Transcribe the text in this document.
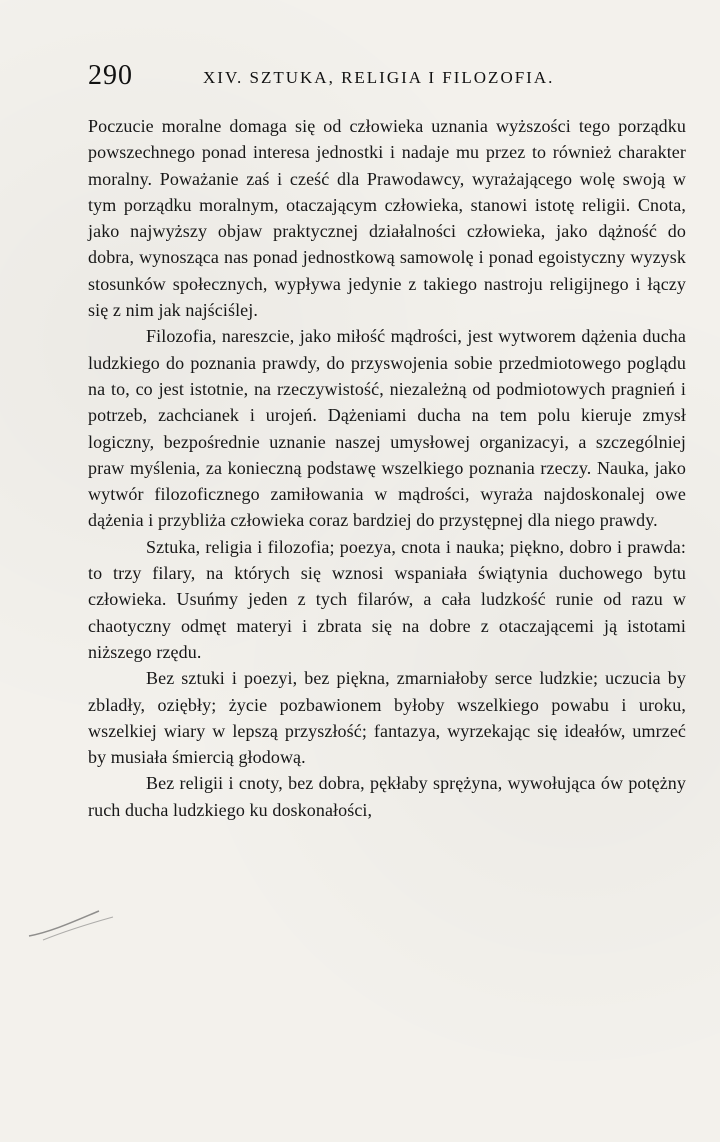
290	XIV. SZTUKA, RELIGIA I FILOZOFIA.

Poczucie moralne domaga się od człowieka uznania wyższości tego porządku powszechnego ponad interesa jednostki i nadaje mu przez to również charakter moralny. Poważanie zaś i cześć dla Prawodawcy, wyrażającego wolę swoją w tym porządku moralnym, otaczającym człowieka, stanowi istotę religii. Cnota, jako najwyższy objaw praktycznej działalności człowieka, jako dążność do dobra, wynosząca nas ponad jednostkową samowolę i ponad egoistyczny wyzysk stosunków społecznych, wypływa jedynie z takiego nastroju religijnego i łączy się z nim jak najściślej.

Filozofia, nareszcie, jako miłość mądrości, jest wytworem dążenia ducha ludzkiego do poznania prawdy, do przyswojenia sobie przedmiotowego poglądu na to, co jest istotnie, na rzeczywistość, niezależną od podmiotowych pragnień i potrzeb, zachcianek i urojeń. Dążeniami ducha na tem polu kieruje zmysł logiczny, bezpośrednie uznanie naszej umysłowej organizacyi, a szczególniej praw myślenia, za konieczną podstawę wszelkiego poznania rzeczy. Nauka, jako wytwór filozoficznego zamiłowania w mądrości, wyraża najdoskonalej owe dążenia i przybliża człowieka coraz bardziej do przystępnej dla niego prawdy.

Sztuka, religia i filozofia; poezya, cnota i nauka; piękno, dobro i prawda: to trzy filary, na których się wznosi wspaniała świątynia duchowego bytu człowieka. Usuńmy jeden z tych filarów, a cała ludzkość runie od razu w chaotyczny odmęt materyi i zbrata się na dobre z otaczającemi ją istotami niższego rzędu.

Bez sztuki i poezyi, bez piękna, zmarniałoby serce ludzkie; uczucia by zbladły, oziębły; życie pozbawionem byłoby wszelkiego powabu i uroku, wszelkiej wiary w lepszą przyszłość; fantazya, wyrzekając się ideałów, umrzeć by musiała śmiercią głodową.

Bez religii i cnoty, bez dobra, pękłaby sprężyna, wywołująca ów potężny ruch ducha ludzkiego ku doskonałości,
